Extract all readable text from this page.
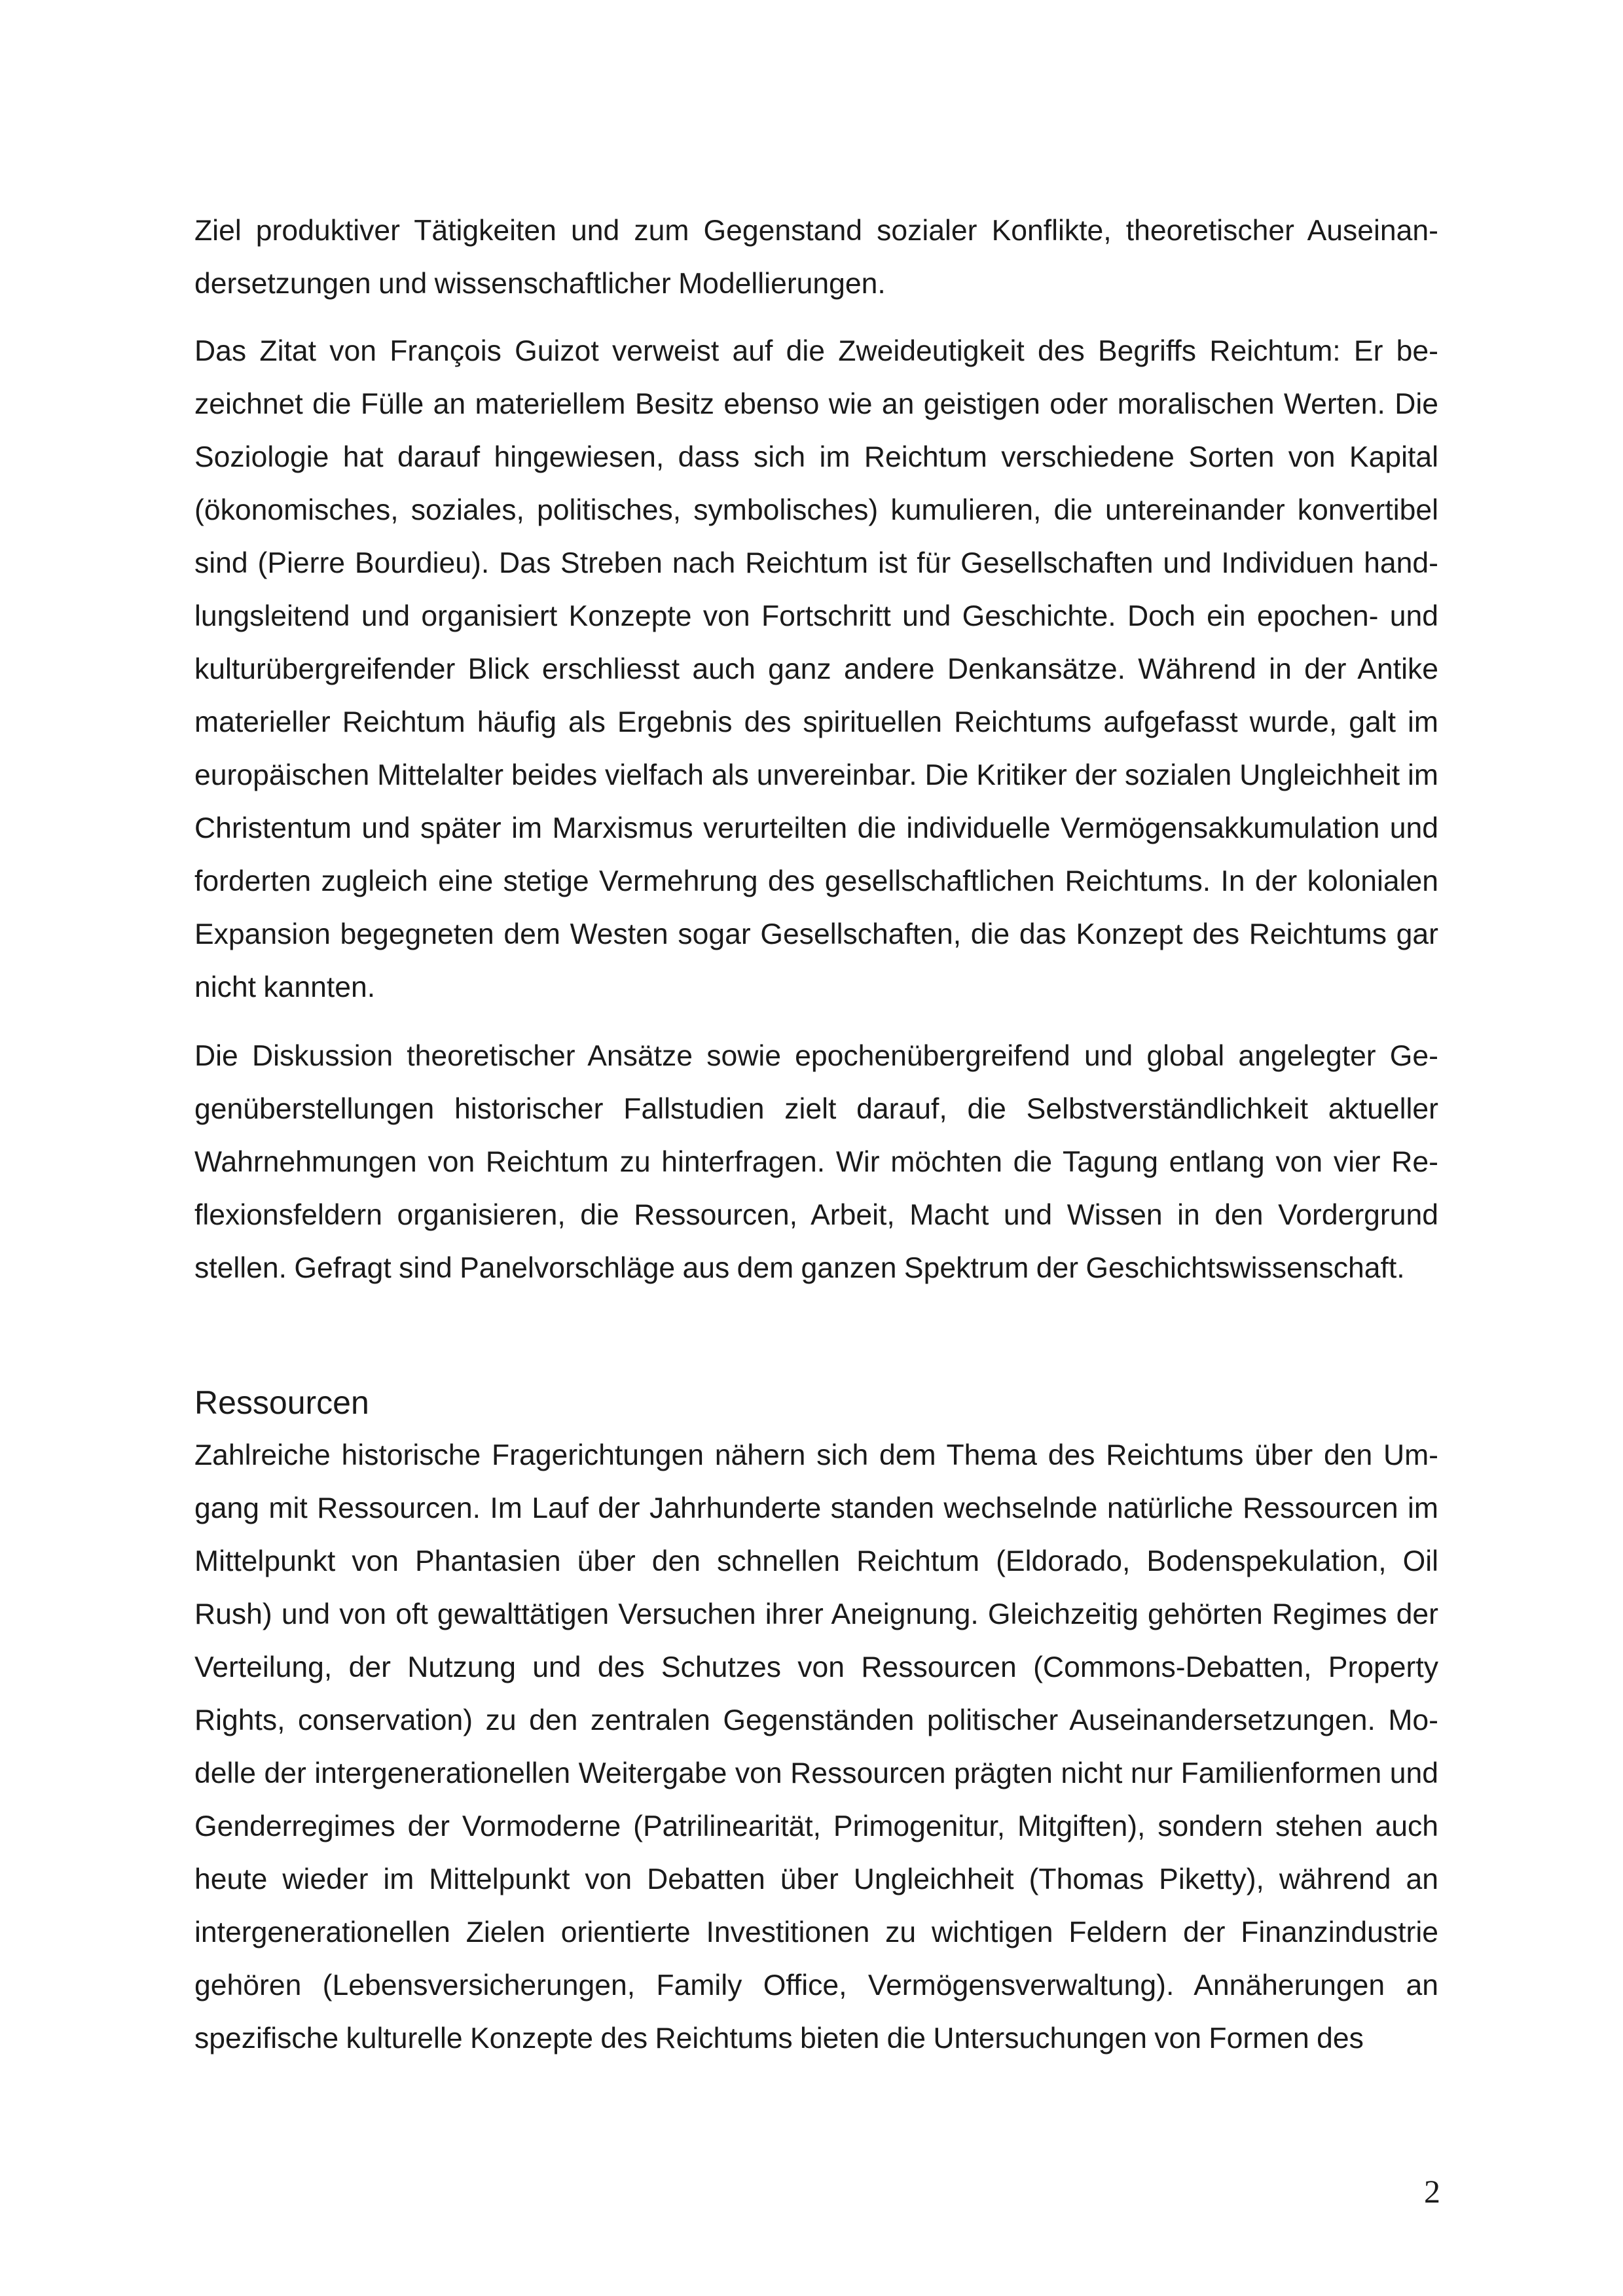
Ziel produktiver Tätigkeiten und zum Gegenstand sozialer Konflikte, theoretischer Auseinandersetzungen und wissenschaftlicher Modellierungen.

Das Zitat von François Guizot verweist auf die Zweideutigkeit des Begriffs Reichtum: Er bezeichnet die Fülle an materiellem Besitz ebenso wie an geistigen oder moralischen Werten. Die Soziologie hat darauf hingewiesen, dass sich im Reichtum verschiedene Sorten von Kapital (ökonomisches, soziales, politisches, symbolisches) kumulieren, die untereinander konvertibel sind (Pierre Bourdieu). Das Streben nach Reichtum ist für Gesellschaften und Individuen handlungsleitend und organisiert Konzepte von Fortschritt und Geschichte. Doch ein epochen- und kulturübergreifender Blick erschliesst auch ganz andere Denkansätze. Während in der Antike materieller Reichtum häufig als Ergebnis des spirituellen Reichtums aufgefasst wurde, galt im europäischen Mittelalter beides vielfach als unvereinbar. Die Kritiker der sozialen Ungleichheit im Christentum und später im Marxismus verurteilten die individuelle Vermögensakkumulation und forderten zugleich eine stetige Vermehrung des gesellschaftlichen Reichtums. In der kolonialen Expansion begegneten dem Westen sogar Gesellschaften, die das Konzept des Reichtums gar nicht kannten.

Die Diskussion theoretischer Ansätze sowie epochenübergreifend und global angelegter Gegenüberstellungen historischer Fallstudien zielt darauf, die Selbstverständlichkeit aktueller Wahrnehmungen von Reichtum zu hinterfragen. Wir möchten die Tagung entlang von vier Reflexionsfeldern organisieren, die Ressourcen, Arbeit, Macht und Wissen in den Vordergrund stellen. Gefragt sind Panelvorschläge aus dem ganzen Spektrum der Geschichtswissenschaft.

Ressourcen

Zahlreiche historische Fragerichtungen nähern sich dem Thema des Reichtums über den Umgang mit Ressourcen. Im Lauf der Jahrhunderte standen wechselnde natürliche Ressourcen im Mittelpunkt von Phantasien über den schnellen Reichtum (Eldorado, Bodenspekulation, Oil Rush) und von oft gewalttätigen Versuchen ihrer Aneignung. Gleichzeitig gehörten Regimes der Verteilung, der Nutzung und des Schutzes von Ressourcen (Commons-Debatten, Property Rights, conservation) zu den zentralen Gegenständen politischer Auseinandersetzungen. Modelle der intergenerationellen Weitergabe von Ressourcen prägten nicht nur Familienformen und Genderregimes der Vormoderne (Patrilinearität, Primogenitur, Mitgiften), sondern stehen auch heute wieder im Mittelpunkt von Debatten über Ungleichheit (Thomas Piketty), während an intergenerationellen Zielen orientierte Investitionen zu wichtigen Feldern der Finanzindustrie gehören (Lebensversicherungen, Family Office, Vermögensverwaltung). Annäherungen an spezifische kulturelle Konzepte des Reichtums bieten die Untersuchungen von Formen des

2
